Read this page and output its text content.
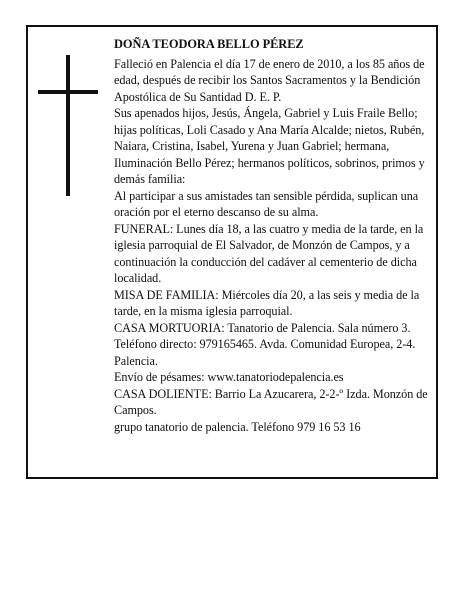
DOÑA TEODORA BELLO PÉREZ

Falleció en Palencia el día 17 de enero de 2010, a los 85 años de edad, después de recibir los Santos Sacramentos y la Bendición Apostólica de Su Santidad D. E. P.

Sus apenados hijos, Jesús, Ángela, Gabriel y Luis Fraile Bello; hijas políticas, Loli Casado y Ana María Alcalde; nietos, Rubén, Naiara, Cristina, Isabel, Yurena y Juan Gabriel; hermana, Iluminación Bello Pérez; hermanos políticos, sobrinos, primos y demás familia:

Al participar a sus amistades tan sensible pérdida, suplican una oración por el eterno descanso de su alma.

FUNERAL: Lunes día 18, a las cuatro y media de la tarde, en la iglesia parroquial de El Salvador, de Monzón de Campos, y a continuación la conducción del cadáver al cementerio de dicha localidad.

MISA DE FAMILIA: Miércoles día 20, a las seis y media de la tarde, en la misma iglesia parroquial.

CASA MORTUORIA: Tanatorio de Palencia. Sala número 3. Teléfono directo: 979165465. Avda. Comunidad Europea, 2-4. Palencia.

Envío de pésames: www.tanatoriodepalencia.es

CASA DOLIENTE: Barrio La Azucarera, 2-2-º Izda. Monzón de Campos.

grupo tanatorio de palencia. Teléfono 979 16 53 16
